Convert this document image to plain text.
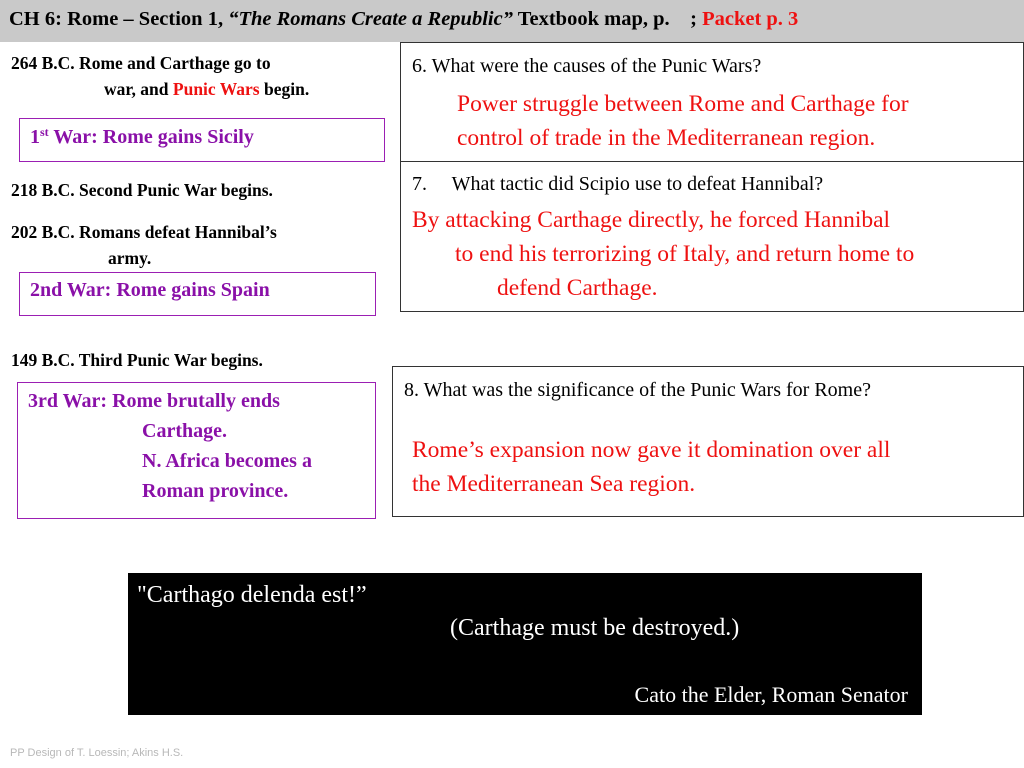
CH 6: Rome – Section 1, “The Romans Create a Republic” Textbook map, p. ; Packet p. 3
264 B.C. Rome and Carthage go to
war, and Punic Wars begin.
1st War: Rome gains Sicily
218 B.C. Second Punic War begins.
202 B.C. Romans defeat Hannibal’s
army.
2nd War: Rome gains Spain
149 B.C. Third Punic War begins.
3rd War: Rome brutally ends
Carthage.
N. Africa becomes a
Roman province.
6. What were the causes of the Punic Wars?
Power struggle between Rome and Carthage for
control of trade in the Mediterranean region.
7. What tactic did Scipio use to defeat Hannibal?
By attacking Carthage directly, he forced Hannibal
to end his terrorizing of Italy, and return home to
defend Carthage.
8. What was the significance of the Punic Wars for Rome?
Rome’s expansion now gave it domination over all
the Mediterranean Sea region.
"Carthago delenda est!”
(Carthage must be destroyed.)
Cato the Elder, Roman Senator
PP Design of T. Loessin; Akins H.S.
